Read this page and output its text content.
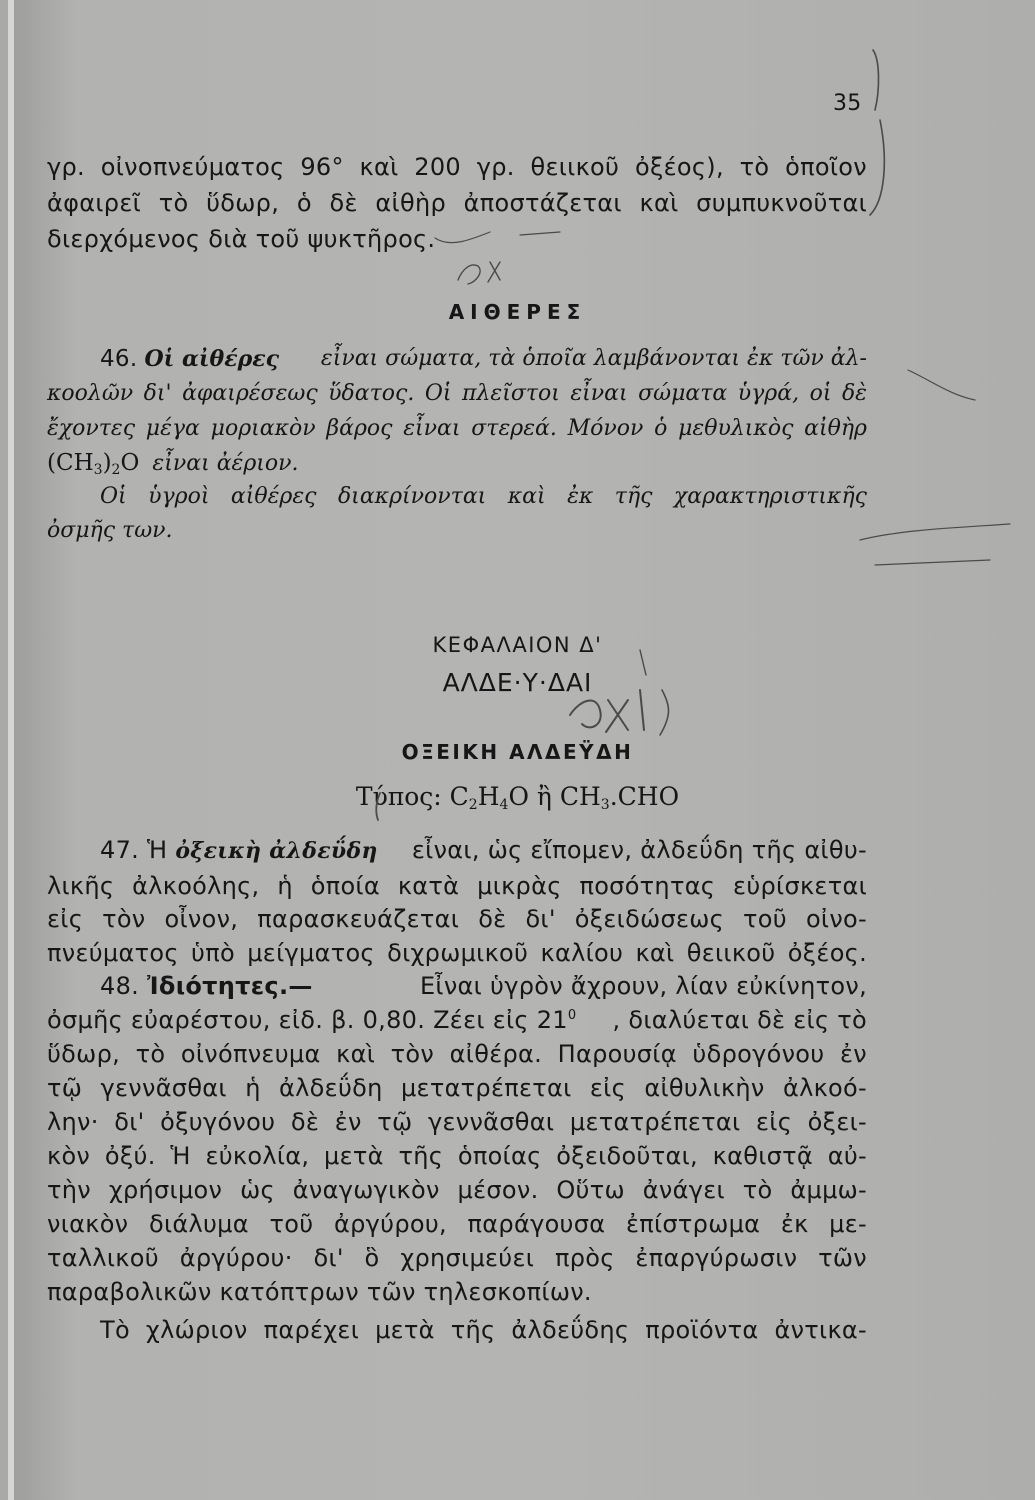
35
γρ. οἰνοπνεύματος 96° καὶ 200 γρ. θειικοῦ ὀξέος), τὸ ὁποῖον
ἀφαιρεῖ τὸ ὕδωρ, ὁ δὲ αἰθὴρ ἀποστάζεται καὶ συμπυκνοῦται
διερχόμενος διὰ τοῦ ψυκτῆρος.
ΑΙΘΕΡΕΣ
46. Οἱ αἰθέρες εἶναι σώματα, τὰ ὁποῖα λαμβάνονται ἐκ τῶν ἀλ-
κοολῶν δι' ἀφαιρέσεως ὕδατος. Οἱ πλεῖστοι εἶναι σώματα ὑγρά, οἱ δὲ
ἔχοντες μέγα μοριακὸν βάρος εἶναι στερεά. Μόνον ὁ μεθυλικὸς αἰθὴρ
(CH3)2O εἶναι ἀέριον.
Οἱ ὑγροὶ αἰθέρες διακρίνονται καὶ ἐκ τῆς χαρακτηριστικῆς
ὀσμῆς των.
ΚΕΦΑΛΑΙΟΝ Δ'
ΑΛΔΕ·Υ·ΔΑΙ
ΟΞΕΙΚΗ ΑΛΔΕΫΔΗ
Τύπος: $C_2H_4O$ ἢ $CH_3.CHO$
47. Ἡ ὀξεικὴ ἀλδεΰδη εἶναι, ὡς εἴπομεν, ἀλδεΰδη τῆς αἰθυ-
λικῆς ἀλκοόλης, ἡ ὁποία κατὰ μικρὰς ποσότητας εὑρίσκεται
εἰς τὸν οἶνον, παρασκευάζεται δὲ δι' ὀξειδώσεως τοῦ οἰνο-
πνεύματος ὑπὸ μείγματος διχρωμικοῦ καλίου καὶ θειικοῦ ὀξέος.
48. Ἰδιότητες.—	Εἶναι ὑγρὸν ἄχρουν, λίαν εὐκίνητον,
ὀσμῆς εὐαρέστου, εἰδ. β. 0,80. Ζέει εἰς $21^0$ , διαλύεται δὲ εἰς τὸ
ὕδωρ, τὸ οἰνόπνευμα καὶ τὸν αἰθέρα. Παρουσίᾳ ὑδρογόνου ἐν
τῷ γεννᾶσθαι ἡ ἀλδεΰδη μετατρέπεται εἰς αἰθυλικὴν ἀλκοό-
λην· δι' ὀξυγόνου δὲ ἐν τῷ γεννᾶσθαι μετατρέπεται εἰς ὀξει-
κὸν ὀξύ. Ἡ εὐκολία, μετὰ τῆς ὁποίας ὀξειδοῦται, καθιστᾷ αὐ-
τὴν χρήσιμον ὡς ἀναγωγικὸν μέσον. Οὕτω ἀνάγει τὸ ἀμμω-
νιακὸν διάλυμα τοῦ ἀργύρου, παράγουσα ἐπίστρωμα ἐκ με-
ταλλικοῦ ἀργύρου· δι' ὃ χρησιμεύει πρὸς ἐπαργύρωσιν τῶν
παραβολικῶν κατόπτρων τῶν τηλεσκοπίων.
Τὸ χλώριον παρέχει μετὰ τῆς ἀλδεΰδης προϊόντα ἀντικα-
